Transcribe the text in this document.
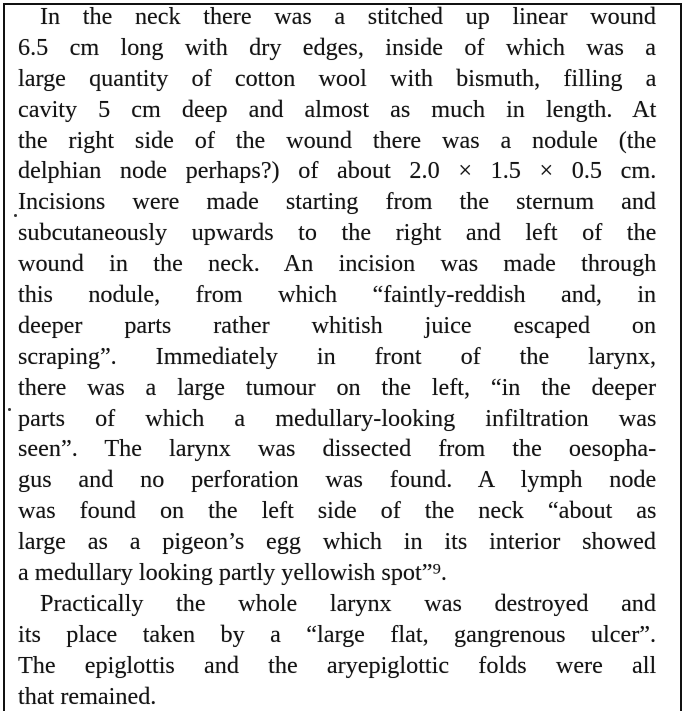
In the neck there was a stitched up linear wound
6.5 cm long with dry edges, inside of which was a
large quantity of cotton wool with bismuth, filling a
cavity 5 cm deep and almost as much in length. At
the right side of the wound there was a nodule (the
delphian node perhaps?) of about 2.0 × 1.5 × 0.5 cm.
Incisions were made starting from the sternum and
subcutaneously upwards to the right and left of the
wound in the neck. An incision was made through
this nodule, from which “faintly-reddish and, in
deeper parts rather whitish juice escaped on
scraping”. Immediately in front of the larynx,
there was a large tumour on the left, “in the deeper
parts of which a medullary-looking infiltration was
seen”. The larynx was dissected from the oesopha-
gus and no perforation was found. A lymph node
was found on the left side of the neck “about as
large as a pigeon’s egg which in its interior showed
a medullary looking partly yellowish spot”⁹.
Practically the whole larynx was destroyed and
its place taken by a “large flat, gangrenous ulcer”.
The epiglottis and the aryepiglottic folds were all
that remained.
